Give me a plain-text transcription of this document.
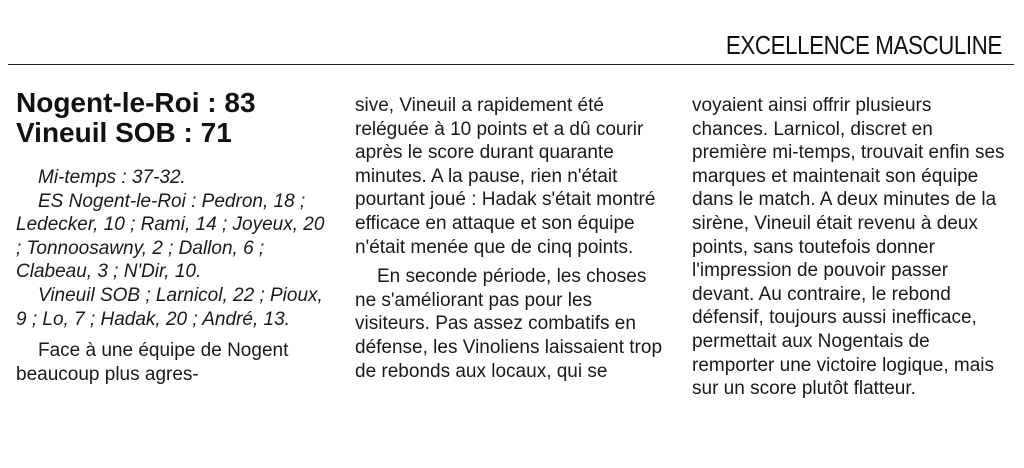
EXCELLENCE MASCULINE
Nogent-le-Roi : 83
Vineuil SOB : 71

Mi-temps : 37-32.

ES Nogent-le-Roi : Pedron, 18 ; Ledecker, 10 ; Rami, 14 ; Joyeux, 20 ; Tonnoosawny, 2 ; Dallon, 6 ; Clabeau, 3 ; N'Dir, 10.

Vineuil SOB ; Larnicol, 22 ; Pioux, 9 ; Lo, 7 ; Hadak, 20 ; André, 13.

Face à une équipe de Nogent beaucoup plus agres-

sive, Vineuil a rapidement été reléguée à 10 points et a dû courir après le score durant quarante minutes. A la pause, rien n'était pourtant joué : Hadak s'était montré efficace en attaque et son équipe n'était menée que de cinq points.

En seconde période, les choses ne s'améliorant pas pour les visiteurs. Pas assez combatifs en défense, les Vinoliens laissaient trop de rebonds aux locaux, qui se

voyaient ainsi offrir plusieurs chances. Larnicol, discret en première mi-temps, trouvait enfin ses marques et maintenait son équipe dans le match. A deux minutes de la sirène, Vineuil était revenu à deux points, sans toutefois donner l'impression de pouvoir passer devant. Au contraire, le rebond défensif, toujours aussi inefficace, permettait aux Nogentais de remporter une victoire logique, mais sur un score plutôt flatteur.
